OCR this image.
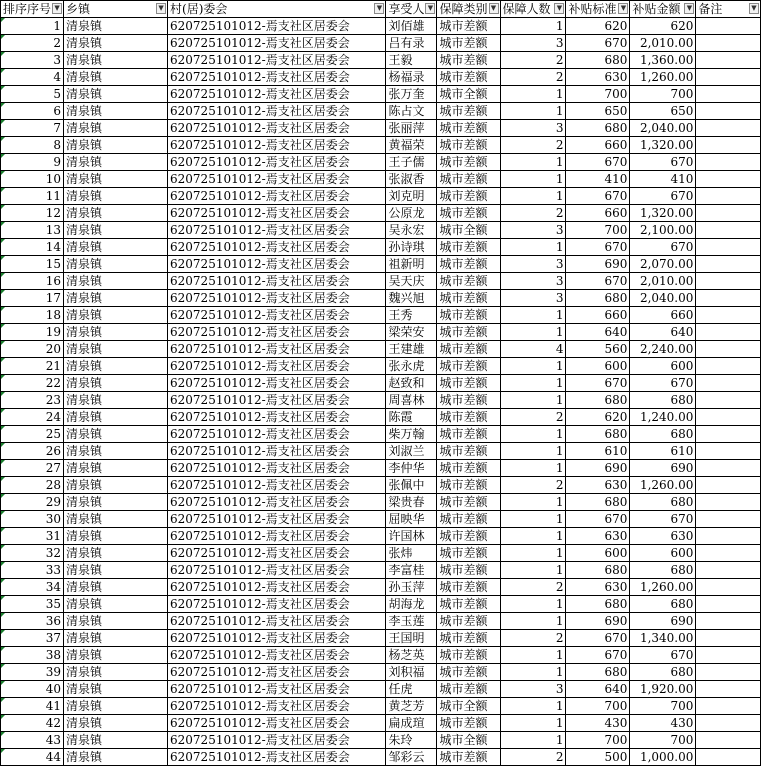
排序序号 ▼	乡镇 ▼	村(居)委会 ▼	享受人 ▼	保障类别 ▼	保障人数 ▼	补贴标准 ▼	补贴金额 ▼	备注 ▼

1	清泉镇	620725101012-焉支社区居委会	刘佰雄	城市差额	1	620	620	
2	清泉镇	620725101012-焉支社区居委会	吕有录	城市差额	3	670	2,010.00	
3	清泉镇	620725101012-焉支社区居委会	王毅	城市差额	2	680	1,360.00	
4	清泉镇	620725101012-焉支社区居委会	杨福录	城市差额	2	630	1,260.00	
5	清泉镇	620725101012-焉支社区居委会	张万奎	城市全额	1	700	700	
6	清泉镇	620725101012-焉支社区居委会	陈占文	城市差额	1	650	650	
7	清泉镇	620725101012-焉支社区居委会	张丽萍	城市差额	3	680	2,040.00	
8	清泉镇	620725101012-焉支社区居委会	黄福荣	城市差额	2	660	1,320.00	
9	清泉镇	620725101012-焉支社区居委会	王子儒	城市差额	1	670	670	
10	清泉镇	620725101012-焉支社区居委会	张淑香	城市差额	1	410	410	
11	清泉镇	620725101012-焉支社区居委会	刘克明	城市差额	1	670	670	
12	清泉镇	620725101012-焉支社区居委会	公原龙	城市差额	2	660	1,320.00	
13	清泉镇	620725101012-焉支社区居委会	吴永宏	城市全额	3	700	2,100.00	
14	清泉镇	620725101012-焉支社区居委会	孙诗琪	城市差额	1	670	670	
15	清泉镇	620725101012-焉支社区居委会	祖新明	城市差额	3	690	2,070.00	
16	清泉镇	620725101012-焉支社区居委会	吴天庆	城市差额	3	670	2,010.00	
17	清泉镇	620725101012-焉支社区居委会	魏兴旭	城市差额	3	680	2,040.00	
18	清泉镇	620725101012-焉支社区居委会	王秀	城市差额	1	660	660	
19	清泉镇	620725101012-焉支社区居委会	梁荣安	城市差额	1	640	640	
20	清泉镇	620725101012-焉支社区居委会	王建雄	城市差额	4	560	2,240.00	
21	清泉镇	620725101012-焉支社区居委会	张永虎	城市差额	1	600	600	
22	清泉镇	620725101012-焉支社区居委会	赵致和	城市差额	1	670	670	
23	清泉镇	620725101012-焉支社区居委会	周喜林	城市差额	1	680	680	
24	清泉镇	620725101012-焉支社区居委会	陈霞	城市差额	2	620	1,240.00	
25	清泉镇	620725101012-焉支社区居委会	柴万翰	城市差额	1	680	680	
26	清泉镇	620725101012-焉支社区居委会	刘淑兰	城市差额	1	610	610	
27	清泉镇	620725101012-焉支社区居委会	李仲华	城市差额	1	690	690	
28	清泉镇	620725101012-焉支社区居委会	张佩中	城市差额	2	630	1,260.00	
29	清泉镇	620725101012-焉支社区居委会	梁贵春	城市差额	1	680	680	
30	清泉镇	620725101012-焉支社区居委会	屈映华	城市差额	1	670	670	
31	清泉镇	620725101012-焉支社区居委会	许国林	城市差额	1	630	630	
32	清泉镇	620725101012-焉支社区居委会	张炜	城市差额	1	600	600	
33	清泉镇	620725101012-焉支社区居委会	李富桂	城市差额	1	680	680	
34	清泉镇	620725101012-焉支社区居委会	孙玉萍	城市差额	2	630	1,260.00	
35	清泉镇	620725101012-焉支社区居委会	胡海龙	城市差额	1	680	680	
36	清泉镇	620725101012-焉支社区居委会	李玉莲	城市差额	1	690	690	
37	清泉镇	620725101012-焉支社区居委会	王国明	城市差额	2	670	1,340.00	
38	清泉镇	620725101012-焉支社区居委会	杨芝英	城市差额	1	670	670	
39	清泉镇	620725101012-焉支社区居委会	刘积福	城市差额	1	680	680	
40	清泉镇	620725101012-焉支社区居委会	任虎	城市差额	3	640	1,920.00	
41	清泉镇	620725101012-焉支社区居委会	黄芝芳	城市全额	1	700	700	
42	清泉镇	620725101012-焉支社区居委会	扁成瑄	城市差额	1	430	430	
43	清泉镇	620725101012-焉支社区居委会	朱玲	城市全额	1	700	700	
44	清泉镇	620725101012-焉支社区居委会	邹彩云	城市差额	2	500	1,000.00	
